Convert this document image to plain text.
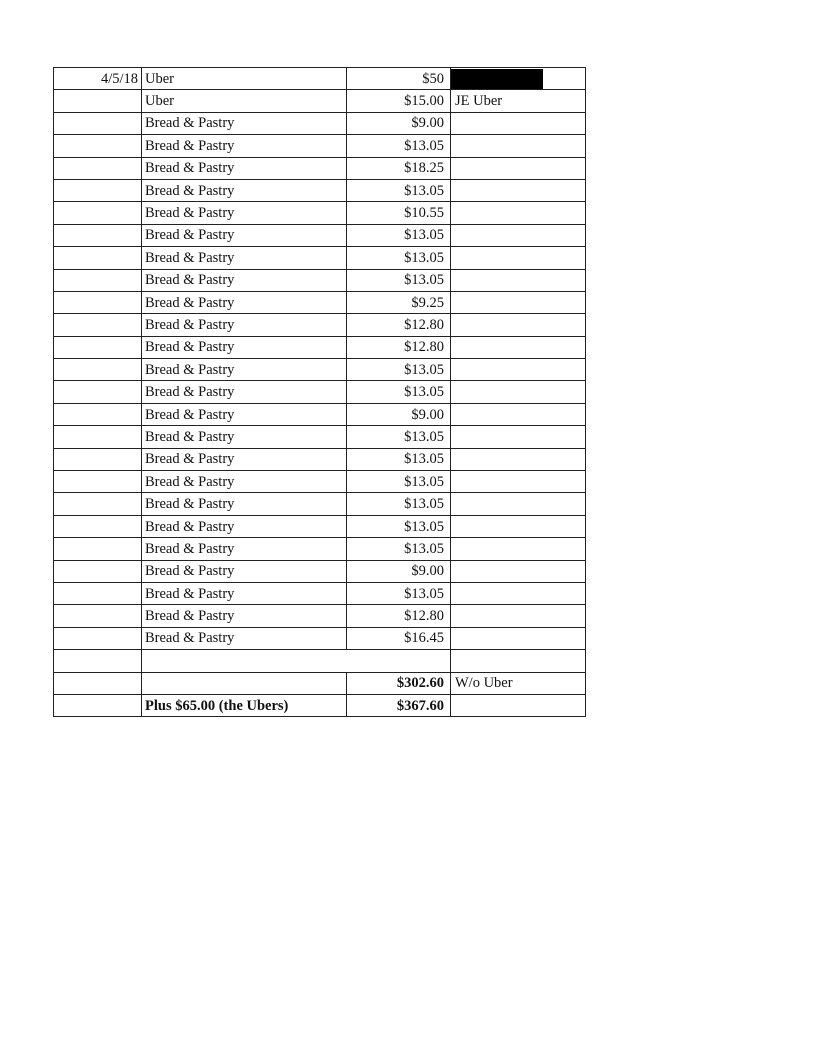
4/5/18	Uber	$50	

	Uber	$15.00	JE Uber
	Bread & Pastry	$9.00	
	Bread & Pastry	$13.05	
	Bread & Pastry	$18.25	
	Bread & Pastry	$13.05	
	Bread & Pastry	$10.55	
	Bread & Pastry	$13.05	
	Bread & Pastry	$13.05	
	Bread & Pastry	$13.05	
	Bread & Pastry	$9.25	
	Bread & Pastry	$12.80	
	Bread & Pastry	$12.80	
	Bread & Pastry	$13.05	
	Bread & Pastry	$13.05	
	Bread & Pastry	$9.00	
	Bread & Pastry	$13.05	
	Bread & Pastry	$13.05	
	Bread & Pastry	$13.05	
	Bread & Pastry	$13.05	
	Bread & Pastry	$13.05	
	Bread & Pastry	$13.05	
	Bread & Pastry	$9.00	
	Bread & Pastry	$13.05	
	Bread & Pastry	$12.80	
	Bread & Pastry	$16.45	

		$302.60	W/o Uber
	Plus $65.00 (the Ubers)	$367.60	
